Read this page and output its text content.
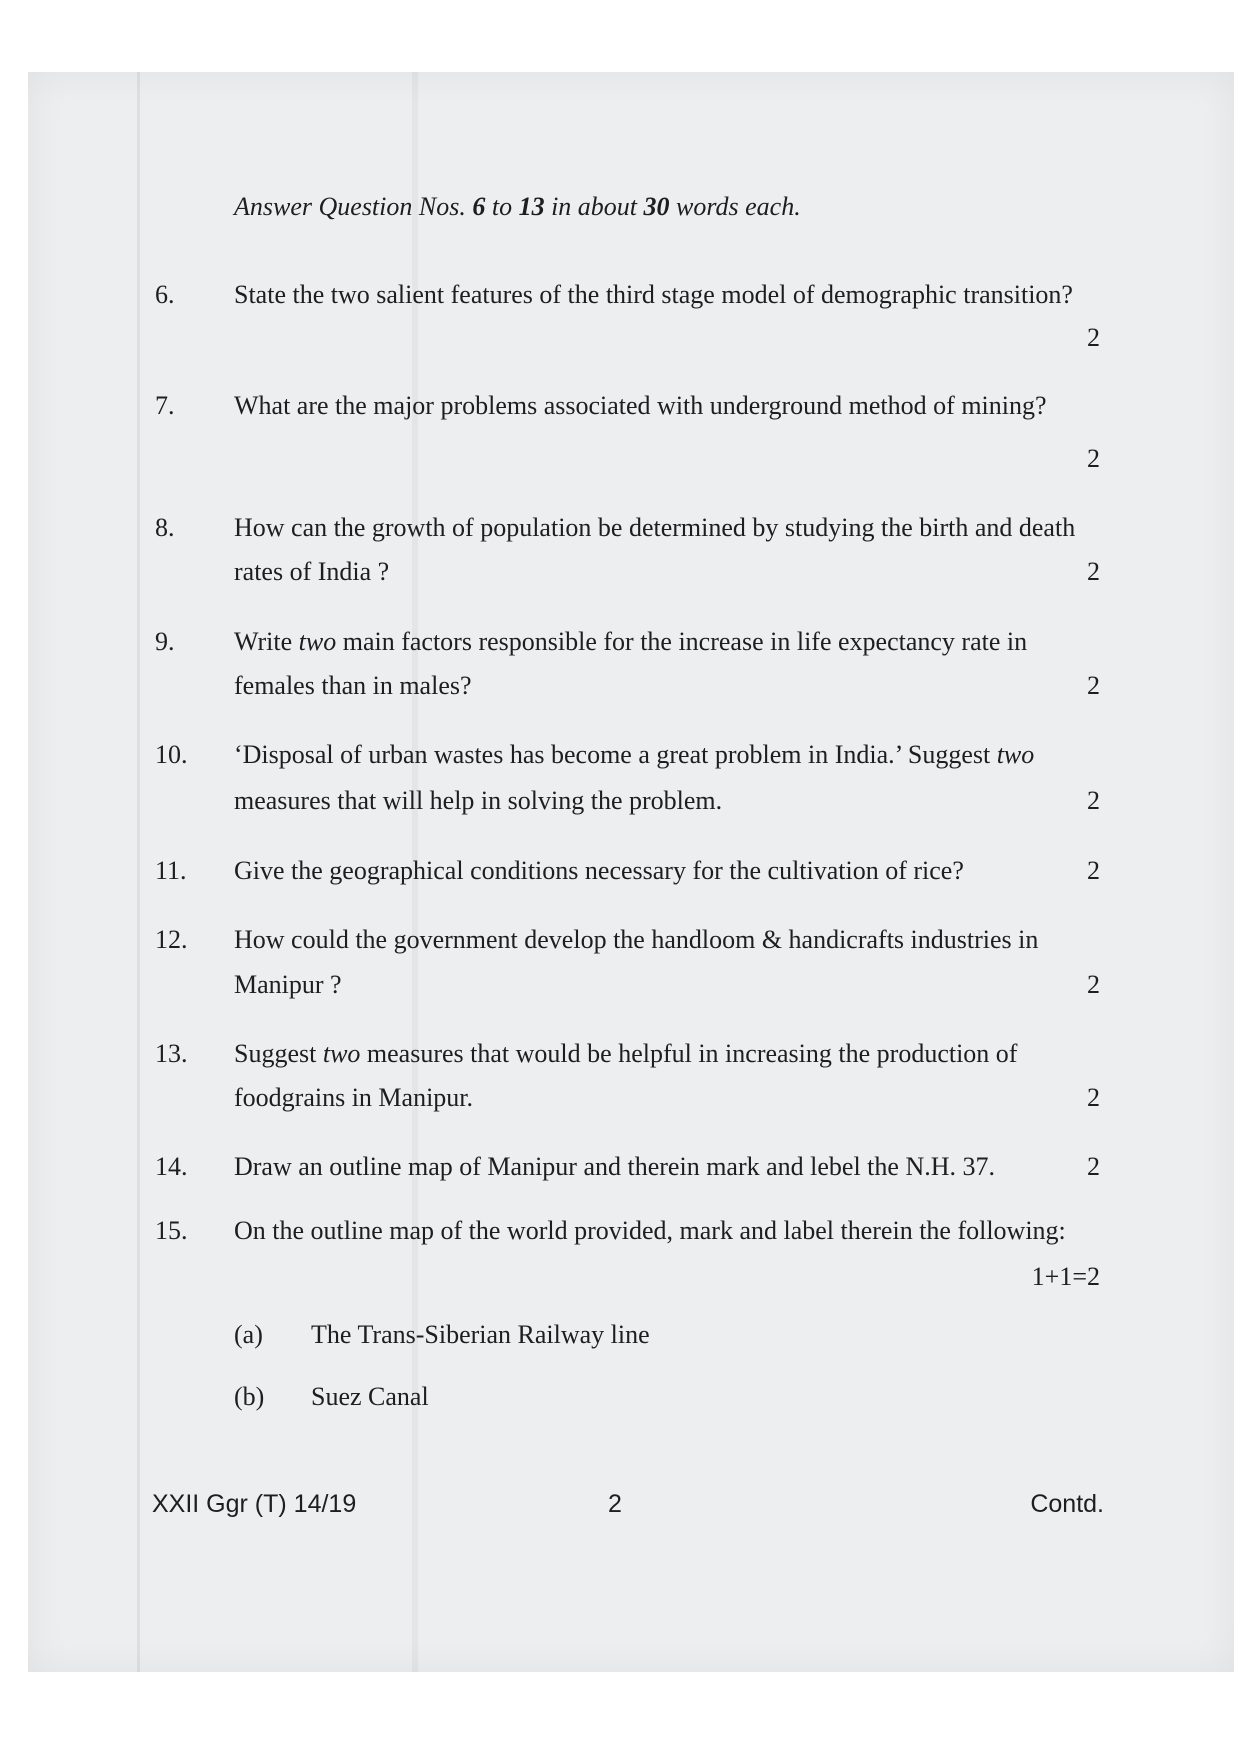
Answer Question Nos. 6 to 13 in about 30 words each.
6. State the two salient features of the third stage model of demographic transition?
2
7. What are the major problems associated with underground method of mining?
2
8. How can the growth of population be determined by studying the birth and death
rates of India ?	2
9. Write two main factors responsible for the increase in life expectancy rate in
females than in males?	2
10. ‘Disposal of urban wastes has become a great problem in India.’ Suggest two
measures that will help in solving the problem.	2
11. Give the geographical conditions necessary for the cultivation of rice?	2
12. How could the government develop the handloom & handicrafts industries in
Manipur ?	2
13. Suggest two measures that would be helpful in increasing the production of
foodgrains in Manipur.	2
14. Draw an outline map of Manipur and therein mark and lebel the N.H. 37.	2
15. On the outline map of the world provided, mark and label therein the following:
1+1=2
(a) The Trans-Siberian Railway line
(b) Suez Canal
XXII Ggr (T) 14/19	2	Contd.
